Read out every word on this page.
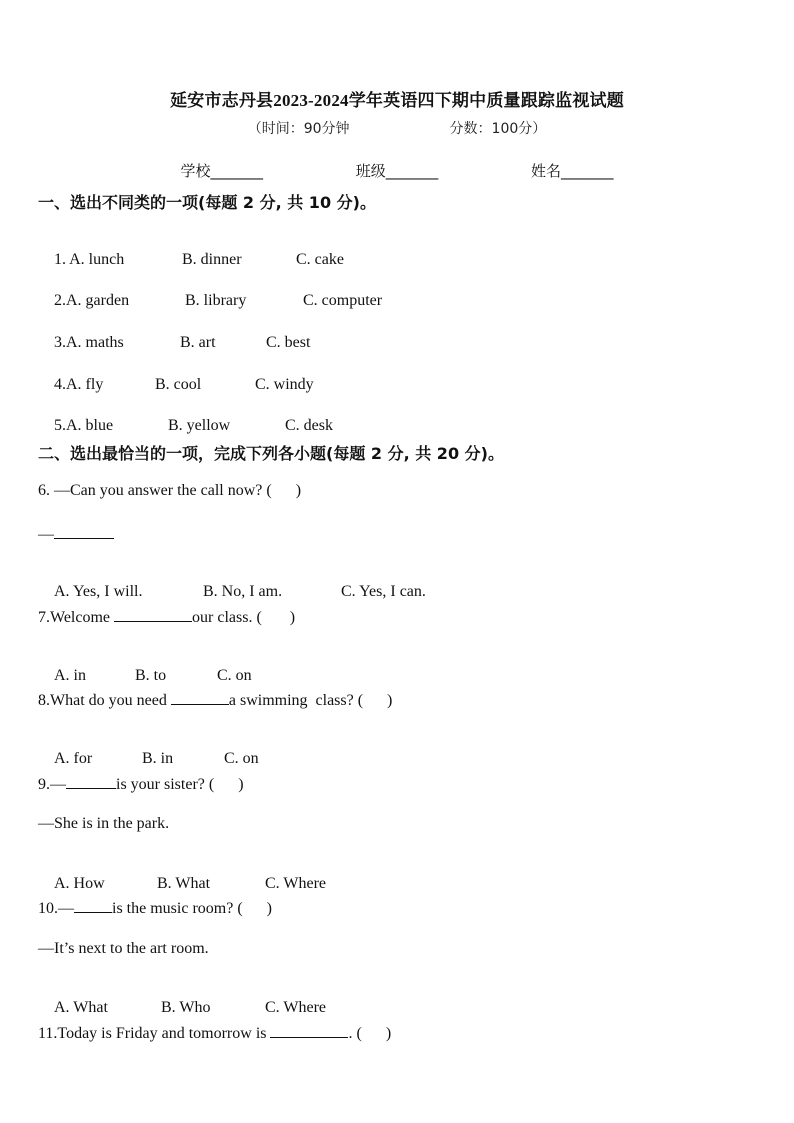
延安市志丹县2023-2024学年英语四下期中质量跟踪监视试题
（时间：90分钟	分数：100分）
学校_______	班级_______	姓名_______
一、选出不同类的一项(每题 2 分, 共 10 分)。

1. A. lunch	B. dinner	C. cake

2.A. garden	B. library	C. computer

3.A. maths	B. art	C. best

4.A. fly	B. cool	C. windy

5.A. blue	B. yellow	C. desk

二、选出最恰当的一项，完成下列各小题(每题 2 分, 共 20 分)。
6. —Can you answer the call now? (      )
—

A. Yes, I will.	B. No, I am.	C. Yes, I can.

7.Welcome	our class. (       )

A. in	B. to	C. on

8.What do you need	a swimming  class? (      )

A. for	B. in	C. on

9.—	is your sister? (      )
—She is in the park.

A. How	B. What	C. Where

10.— is the music room? (      )
—It’s next to the art room.

A. What	B. Who	C. Where

11.Today is Friday and tomorrow is	. (      )
